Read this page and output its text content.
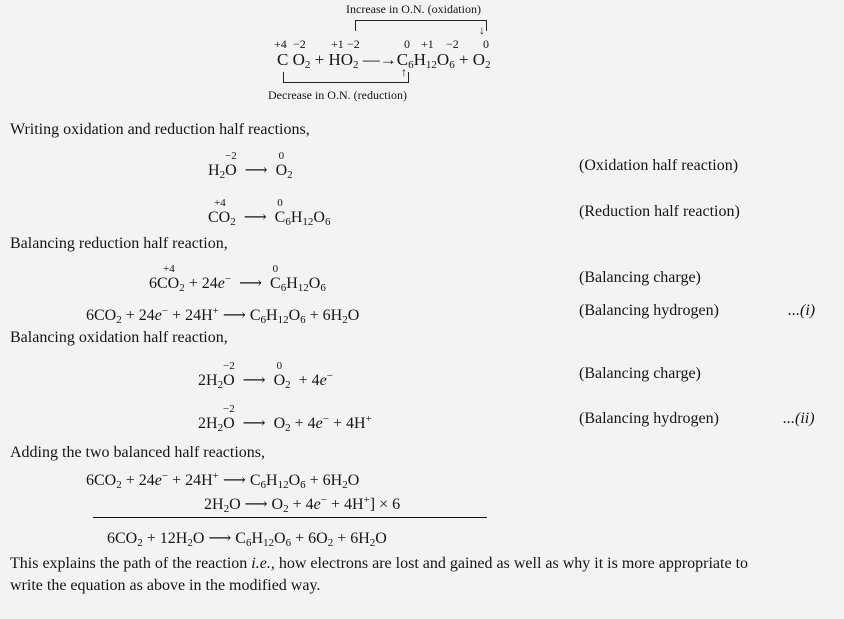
Increase in O.N. (oxidation)
↓
+4 −2 +1 −2	0 +1 −2 0
C $O_2 + HO_2$ $—\to C_6H_{12}O_6 + O_2$
↑
Decrease in O.N. (reduction)
Writing oxidation and reduction half reactions,
$H_2$
−2
O ⟶
0
$O_2$
(Oxidation half reaction)
+4
$CO_2$ ⟶
0
$C_6H_{12}O_6$
(Reduction half reaction)
Balancing reduction half reaction,
6
+4
$CO_2 + 24e^-$  ⟶
0
$C_6H_{12}O_6$
(Balancing charge)
$6CO_2 + 24e^- + 24H^+$ ⟶ $C_6H_{12}O_6 + 6H_2O$	(Balancing hydrogen)	...(i)
Balancing oxidation half reaction,
$2H_2$
−2
O  ⟶
0
$O_2 + 4e^-$	(Balancing charge)
$2H_2$
−2
O  ⟶  $O_2 + 4e^- + 4H^+$	(Balancing hydrogen)	...(ii)
Adding the two balanced half reactions,
$6CO_2 + 24e^- + 24H^+$ ⟶ $C_6H_{12}O_6 + 6H_2O$
$2H_2O$ ⟶ $O_2 + 4e^- + 4H^+] \times 6$
$6CO_2 + 12H_2O$ ⟶ $C_6H_{12}O_6 + 6O_2 + 6H_2O$
This explains the path of the reaction i.e., how electrons are lost and gained as well as why it is more appropriate to
write the equation as above in the modified way.
